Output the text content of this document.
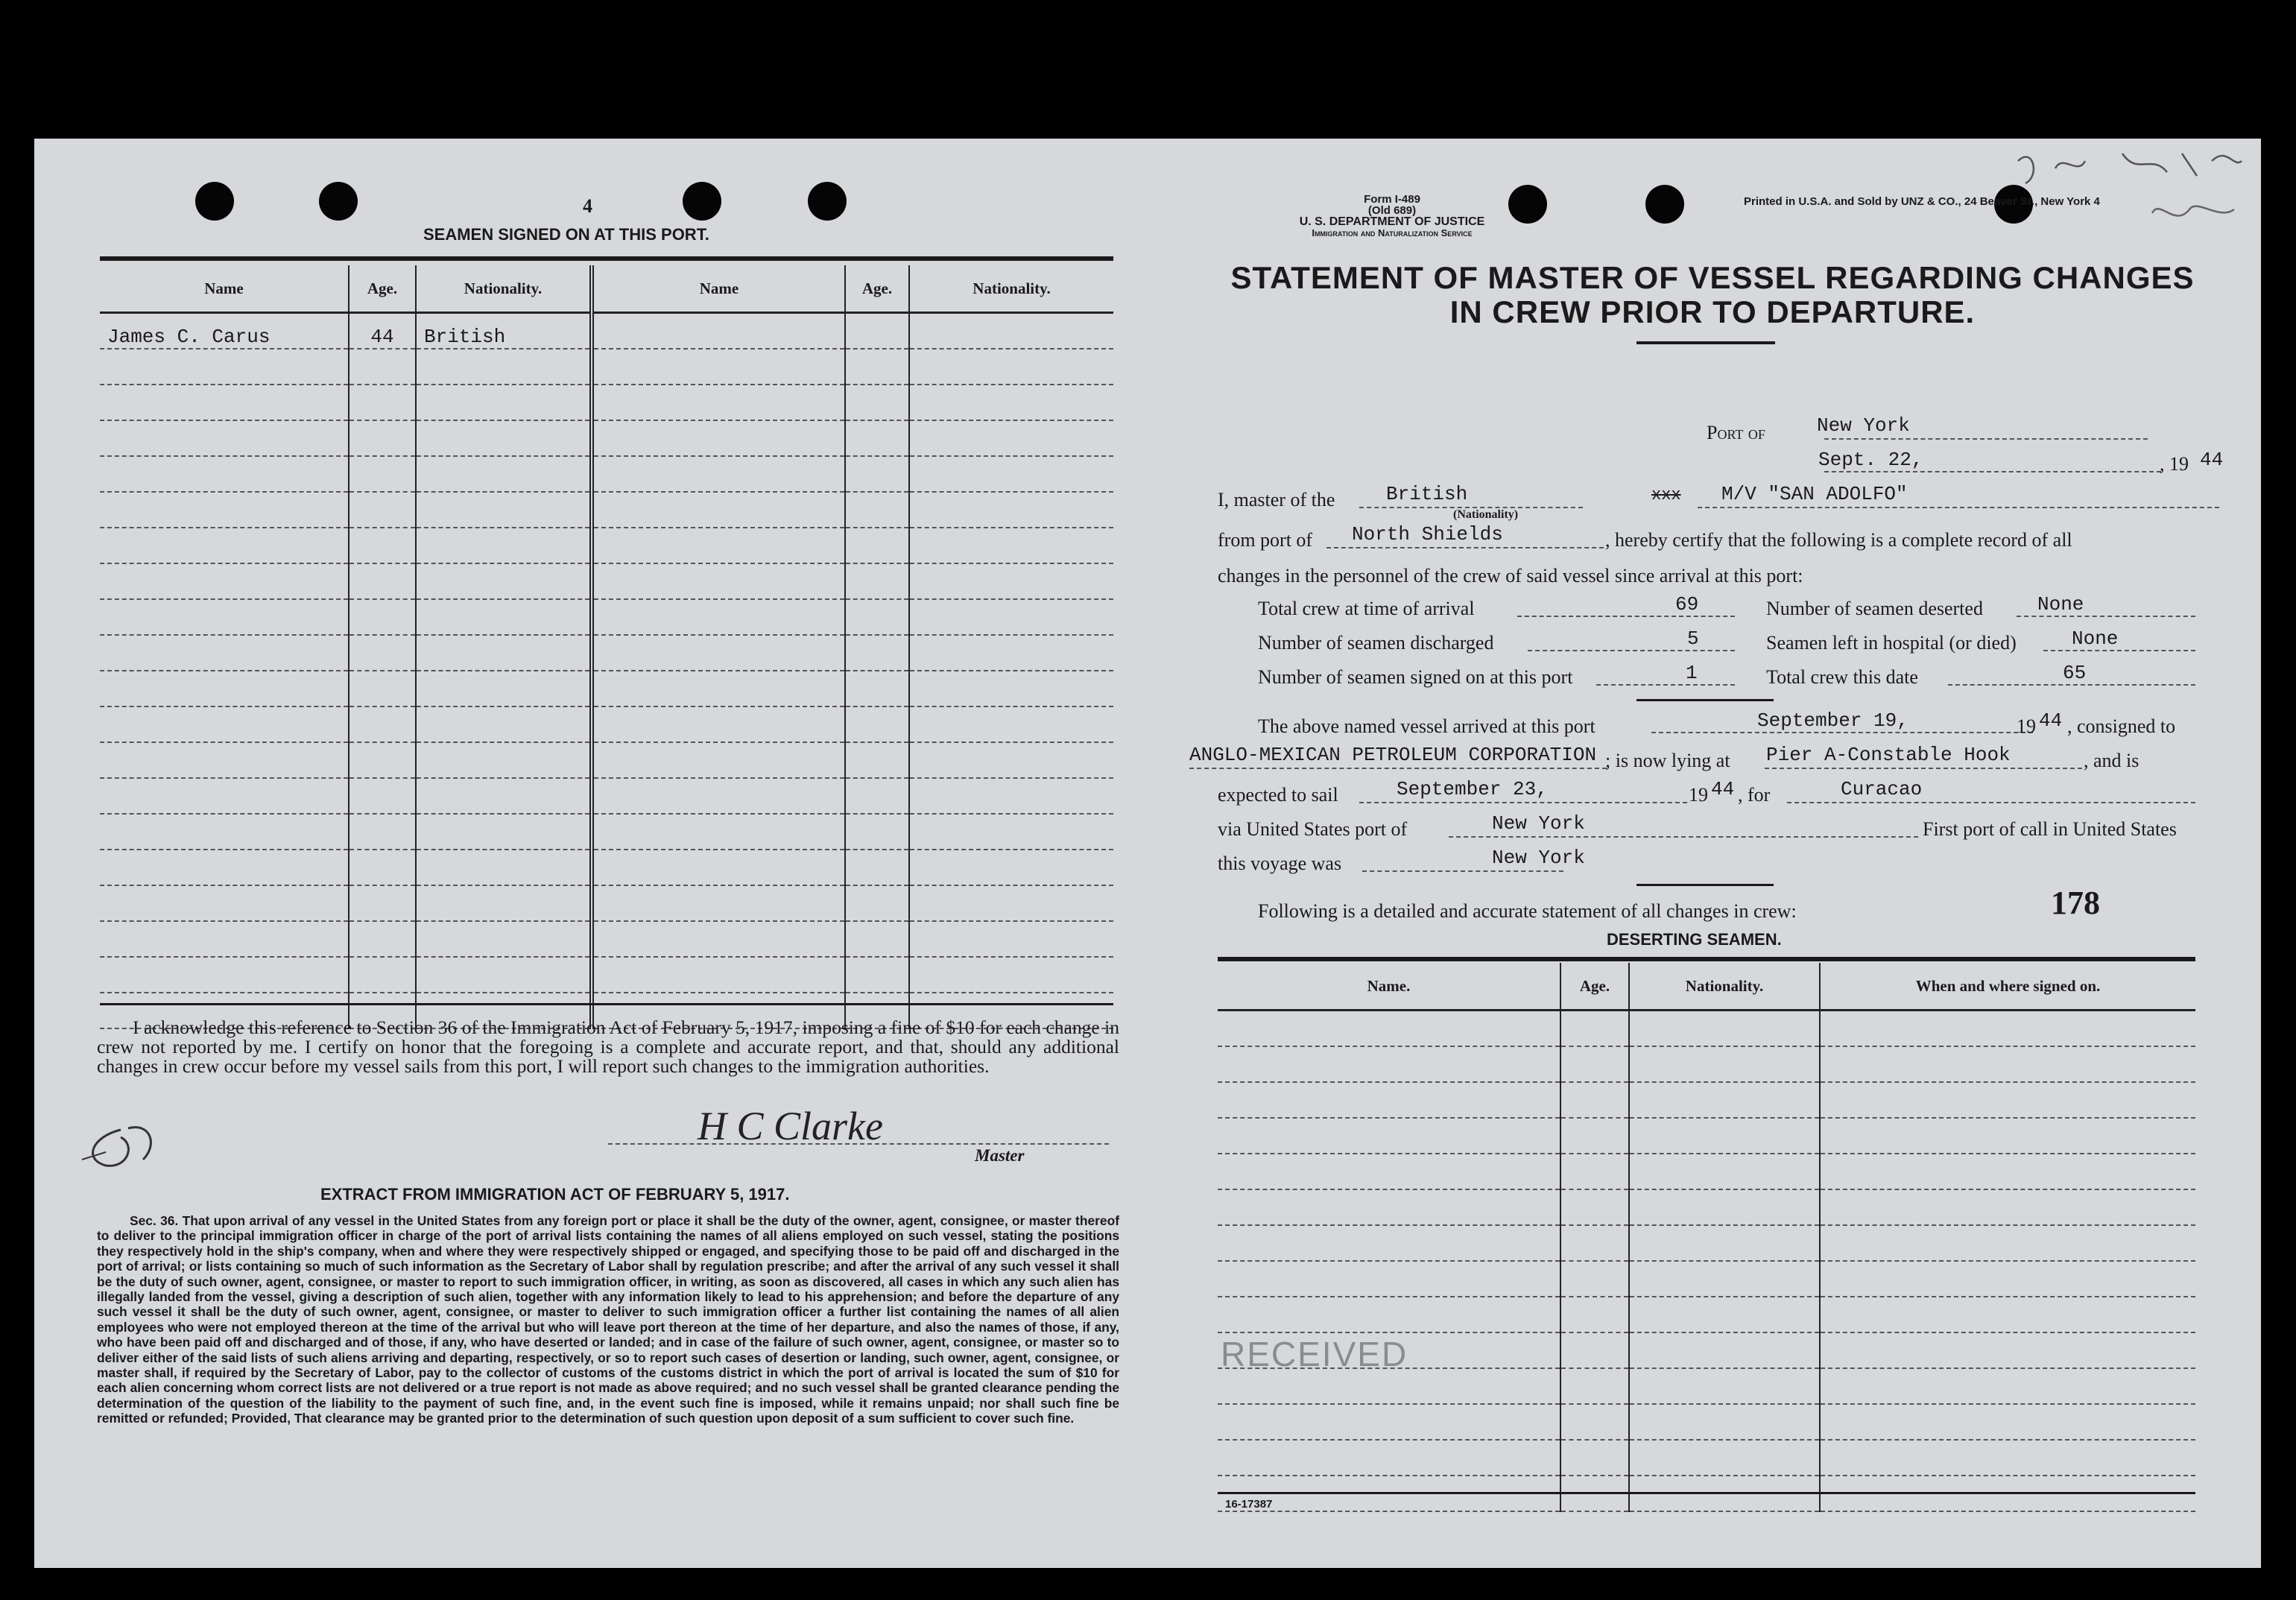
4
SEAMEN SIGNED ON AT THIS PORT.
Name	Age.	Nationality.	Name	Age.	Nationality.
James C. Carus	44	British			

I acknowledge this reference to Section 36 of the Immigration Act of February 5, 1917, imposing a fine of $10 for each change in crew not reported by me. I certify on honor that the foregoing is a complete and accurate report, and that, should any additional changes in crew occur before my vessel sails from this port, I will report such changes to the immigration authorities.
H C Clarke
Master
EXTRACT FROM IMMIGRATION ACT OF FEBRUARY 5, 1917.
Sec. 36. That upon arrival of any vessel in the United States from any foreign port or place it shall be the duty of the owner, agent, consignee, or master thereof to deliver to the principal immigration officer in charge of the port of arrival lists containing the names of all aliens employed on such vessel, stating the positions they respectively hold in the ship's company, when and where they were respectively shipped or engaged, and specifying those to be paid off and discharged in the port of arrival; or lists containing so much of such information as the Secretary of Labor shall by regulation prescribe; and after the arrival of any such vessel it shall be the duty of such owner, agent, consignee, or master to report to such immigration officer, in writing, as soon as discovered, all cases in which any such alien has illegally landed from the vessel, giving a description of such alien, together with any information likely to lead to his apprehension; and before the departure of any such vessel it shall be the duty of such owner, agent, consignee, or master to deliver to such immigration officer a further list containing the names of all alien employees who were not employed thereon at the time of the arrival but who will leave port thereon at the time of her departure, and also the names of those, if any, who have been paid off and discharged and of those, if any, who have deserted or landed; and in case of the failure of such owner, agent, consignee, or master so to deliver either of the said lists of such aliens arriving and departing, respectively, or so to report such cases of desertion or landing, such owner, agent, consignee, or master shall, if required by the Secretary of Labor, pay to the collector of customs of the customs district in which the port of arrival is located the sum of $10 for each alien concerning whom correct lists are not delivered or a true report is not made as above required; and no such vessel shall be granted clearance pending the determination of the question of the liability to the payment of such fine, and, in the event such fine is imposed, while it remains unpaid; nor shall such fine be remitted or refunded; Provided, That clearance may be granted prior to the determination of such question upon deposit of a sum sufficient to cover such fine.
Form I-489
(Old 689)
U. S. DEPARTMENT OF JUSTICE
Immigration and Naturalization Service
Printed in U.S.A. and Sold by UNZ & CO., 24 Beaver St., New York 4
STATEMENT OF MASTER OF VESSEL REGARDING CHANGES
IN CREW PRIOR TO DEPARTURE.
Port of	New York
Sept. 22,	, 19 44
I, master of the	British
(Nationality)
xxx M/V "SAN ADOLFO"
from port of North Shields	, hereby certify that the following is a complete record of all
changes in the personnel of the crew of said vessel since arrival at this port:
Total crew at time of arrival	69	Number of seamen deserted	None
Number of seamen discharged	5	Seamen left in hospital (or died)	None
Number of seamen signed on at this port	1	Total crew this date	65
The above named vessel arrived at this port	September 19,	19 44 , consigned to
ANGLO-MEXICAN PETROLEUM CORPORATION ; is now lying at Pier A-Constable Hook	, and is
expected to sail	September 23,	19 44 , for	Curacao
via United States port of	New York	First port of call in United States
this voyage was	New York
Following is a detailed and accurate statement of all changes in crew:	178
DESERTING SEAMEN.
Name.	Age.	Nationality.	When and where signed on.

RECEIVED
16-17387
